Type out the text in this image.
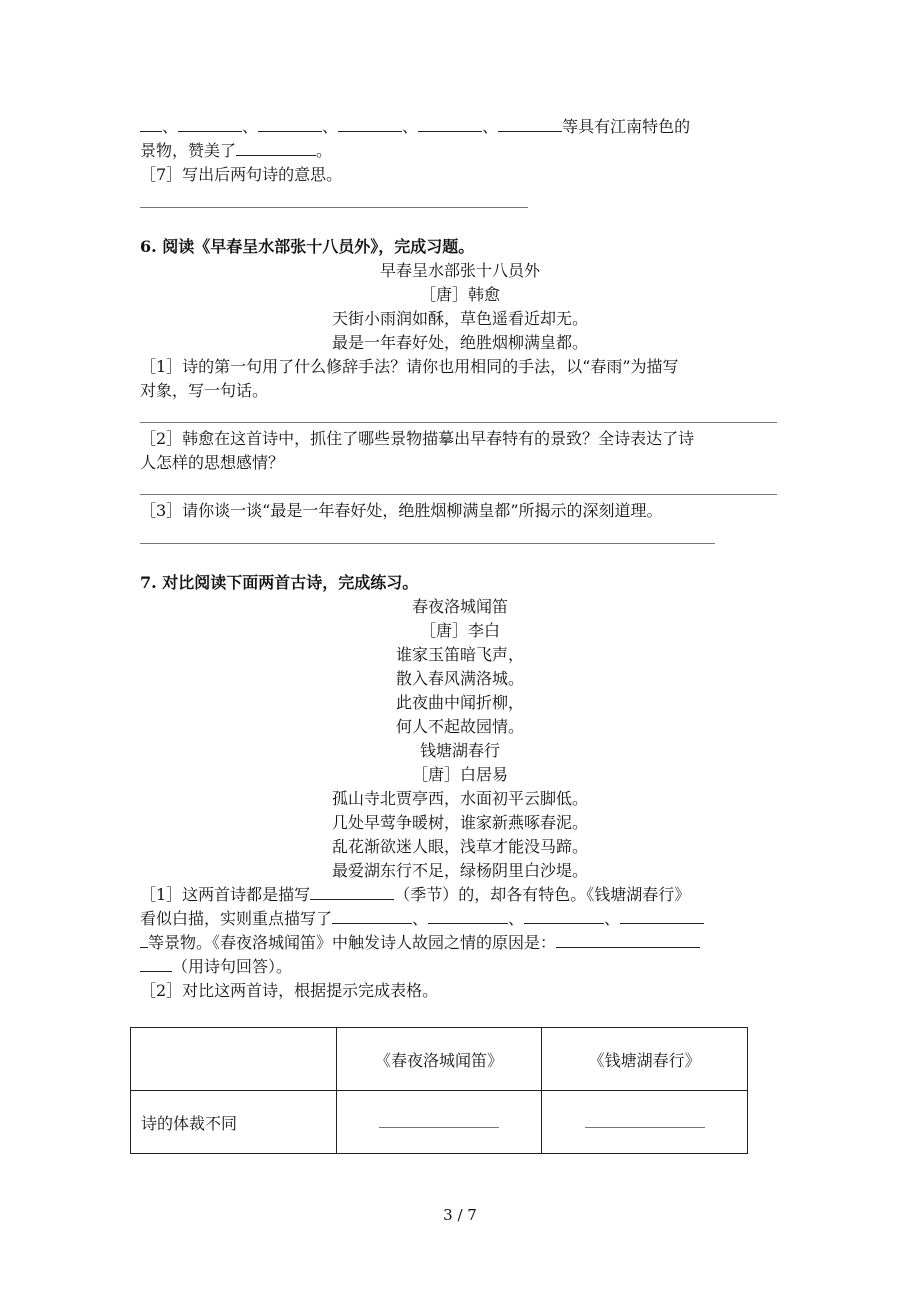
、	、	、	、	、	等具有江南特色的
景物，赞美了	。
［7］写出后两句诗的意思。
6. 阅读《早春呈水部张十八员外》，完成习题。
早春呈水部张十八员外
［唐］韩愈
天街小雨润如酥，草色遥看近却无。
最是一年春好处，绝胜烟柳满皇都。
［1］诗的第一句用了什么修辞手法？请你也用相同的手法，以“春雨”为描写
对象，写一句话。
［2］韩愈在这首诗中，抓住了哪些景物描摹出早春特有的景致？全诗表达了诗
人怎样的思想感情？
［3］请你谈一谈“最是一年春好处，绝胜烟柳满皇都”所揭示的深刻道理。
7. 对比阅读下面两首古诗，完成练习。
春夜洛城闻笛
［唐］李白
谁家玉笛暗飞声，
散入春风满洛城。
此夜曲中闻折柳，
何人不起故园情。
钱塘湖春行
［唐］白居易
孤山寺北贾亭西，水面初平云脚低。
几处早莺争暖树，谁家新燕啄春泥。
乱花渐欲迷人眼，浅草才能没马蹄。
最爱湖东行不足，绿杨阴里白沙堤。
［1］这两首诗都是描写	（季节）的，却各有特色。《钱塘湖春行》
看似白描，实则重点描写了	、	、	、
等景物。《春夜洛城闻笛》中触发诗人故园之情的原因是：
（用诗句回答）。
［2］对比这两首诗，根据提示完成表格。
	《春夜洛城闻笛》	《钱塘湖春行》
诗的体裁不同		
3 / 7
